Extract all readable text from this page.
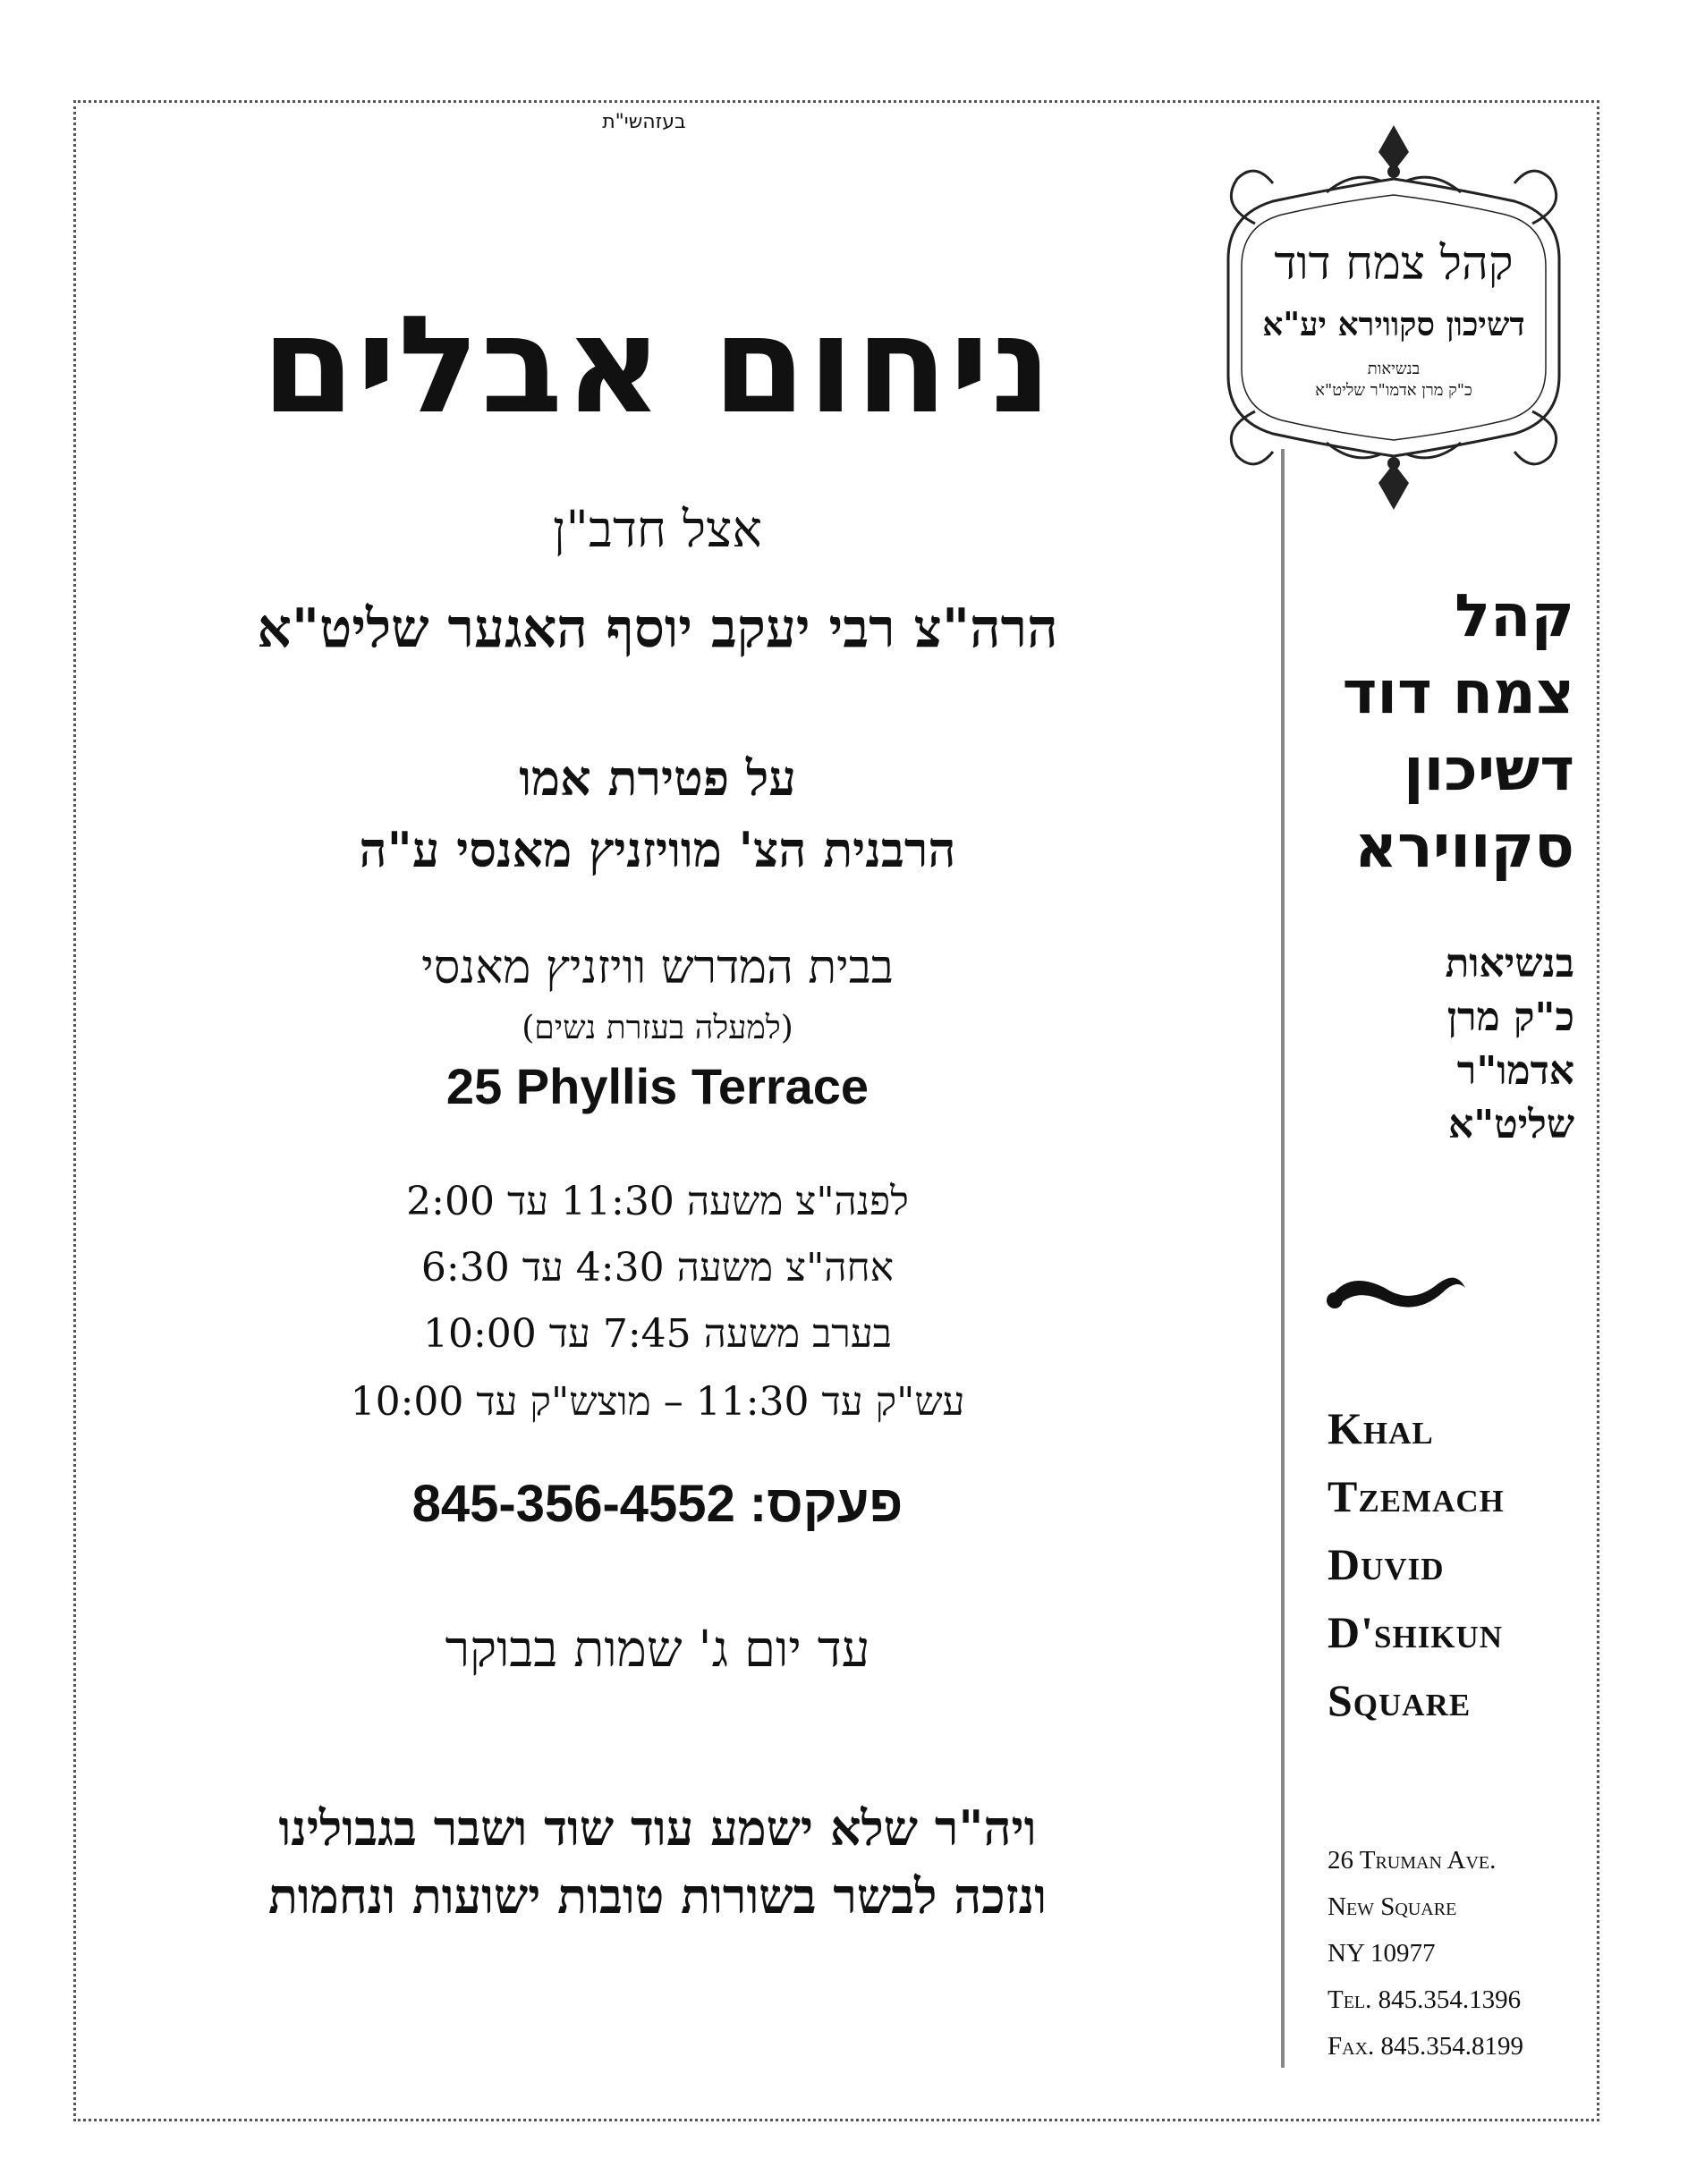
בעזהשי"ת
ניחום אבלים
אצל חדב"ן
הרה"צ רבי יעקב יוסף האגער שליט"א
על פטירת אמו
הרבנית הצ' מוויזניץ מאנסי ע"ה
בבית המדרש וויזניץ מאנסי
(למעלה בעזרת נשים)
25 Phyllis Terrace
לפנה"צ משעה 11:30 עד 2:00
אחה"צ משעה 4:30 עד 6:30
בערב משעה 7:45 עד 10:00
עש"ק עד 11:30 – מוצש"ק עד 10:00
845-356-4552 :פעקס
עד יום ג' שמות בבוקר
ויה"ר שלא ישמע עוד שוד ושבר בגבולינו
ונזכה לבשר בשורות טובות ישועות ונחמות
קהל צמח דוד
דשיכון סקווירא יע"א
בנשיאות
כ"ק מרן אדמו"ר שליט"א
קהל
צמח דוד
דשיכון
סקווירא
בנשיאות
כ"ק מרן
אדמו"ר
שליט"א
Khal
Tzemach
Duvid
D'shikun
Square
26 Truman Ave.
New Square
NY 10977
Tel. 845.354.1396
Fax. 845.354.8199
